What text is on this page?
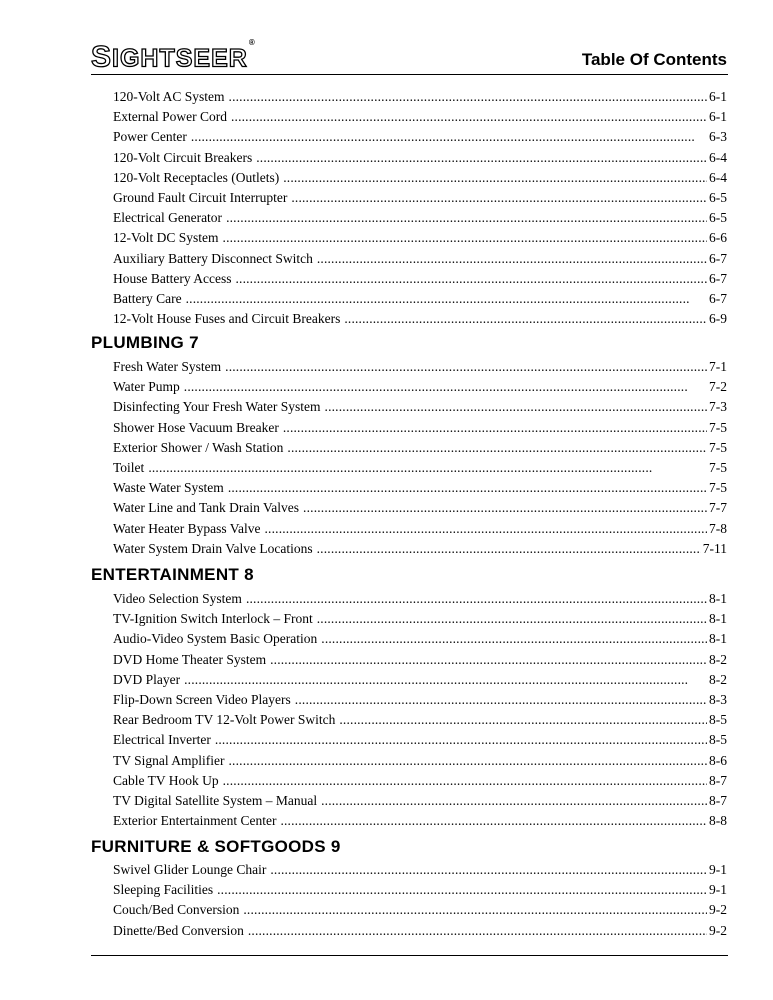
SIGHTSEER®
Table Of Contents
PLUMBING 7
ENTERTAINMENT 8
FURNITURE & SOFTGOODS 9
120-Volt AC System . . .	6-1
External Power Cord . . .	6-1
Power Center . . .	6-3
120-Volt Circuit Breakers . . .	6-4
120-Volt Receptacles (Outlets) . . .	6-4
Ground Fault Circuit Interrupter . . .	6-5
Electrical Generator . . .	6-5
12-Volt DC System . . .	6-6
Auxiliary Battery Disconnect Switch . . .	6-7
House Battery Access . . .	6-7
Battery Care . . .	6-7
12-Volt House Fuses and Circuit Breakers . . .	6-9
Fresh Water System . . .	7-1
Water Pump . . .	7-2
Disinfecting Your Fresh Water System . . .	7-3
Shower Hose Vacuum Breaker . . .	7-5
Exterior Shower / Wash Station . . .	7-5
Toilet . . .	7-5
Waste Water System . . .	7-5
Water Line and Tank Drain Valves . . .	7-7
Water Heater Bypass Valve . . .	7-8
Water System Drain Valve Locations . . .	7-11
Video Selection System . . .	8-1
TV-Ignition Switch Interlock – Front . . .	8-1
Audio-Video System Basic Operation . . .	8-1
DVD Home Theater System . . .	8-2
DVD Player . . .	8-2
Flip-Down Screen Video Players . . .	8-3
Rear Bedroom TV 12-Volt Power Switch . . .	8-5
Electrical Inverter . . .	8-5
TV Signal Amplifier . . .	8-6
Cable TV Hook Up . . .	8-7
TV Digital Satellite System – Manual . . .	8-7
Exterior Entertainment Center . . .	8-8
Swivel Glider Lounge Chair . . .	9-1
Sleeping Facilities . . .	9-1
Couch/Bed Conversion . . .	9-2
Dinette/Bed Conversion . . .	9-2
